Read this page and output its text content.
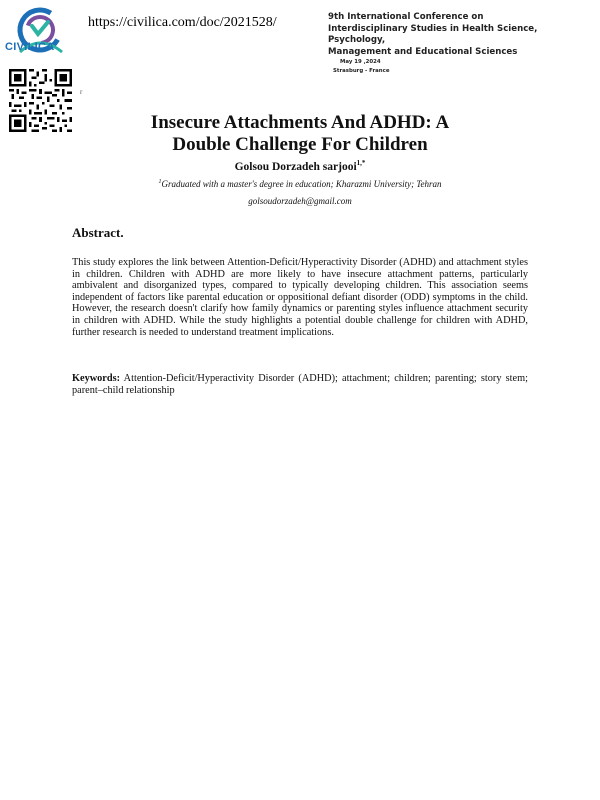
CIVILICA
https://civilica.com/doc/2021528/	9th International Conference on
Interdisciplinary Studies in Health Science, Psychology,
Management and Educational Sciences
May 19 ,2024
Strasburg - France
r
Insecure Attachments And ADHD: A
Double Challenge For Children
Golsou Dorzadeh sarjooi$^{1,*}$
$^1$Graduated with a master's degree in education; Kharazmi University; Tehran
golsoudorzadeh@gmail.com
Abstract.

This study explores the link between Attention-Deficit/Hyperactivity Disorder (ADHD) and attachment styles in children. Children with ADHD are more likely to have insecure attachment patterns, particularly ambivalent and disorganized types, compared to typically developing children. This association seems independent of factors like parental education or oppositional defiant disorder (ODD) symptoms in the child. However, the research doesn't clarify how family dynamics or parenting styles influence attachment security in children with ADHD. While the study highlights a potential double challenge for children with ADHD, further research is needed to understand treatment implications.

Keywords: Attention-Deficit/Hyperactivity Disorder (ADHD); attachment; children; parenting; story stem; parent–child relationship
